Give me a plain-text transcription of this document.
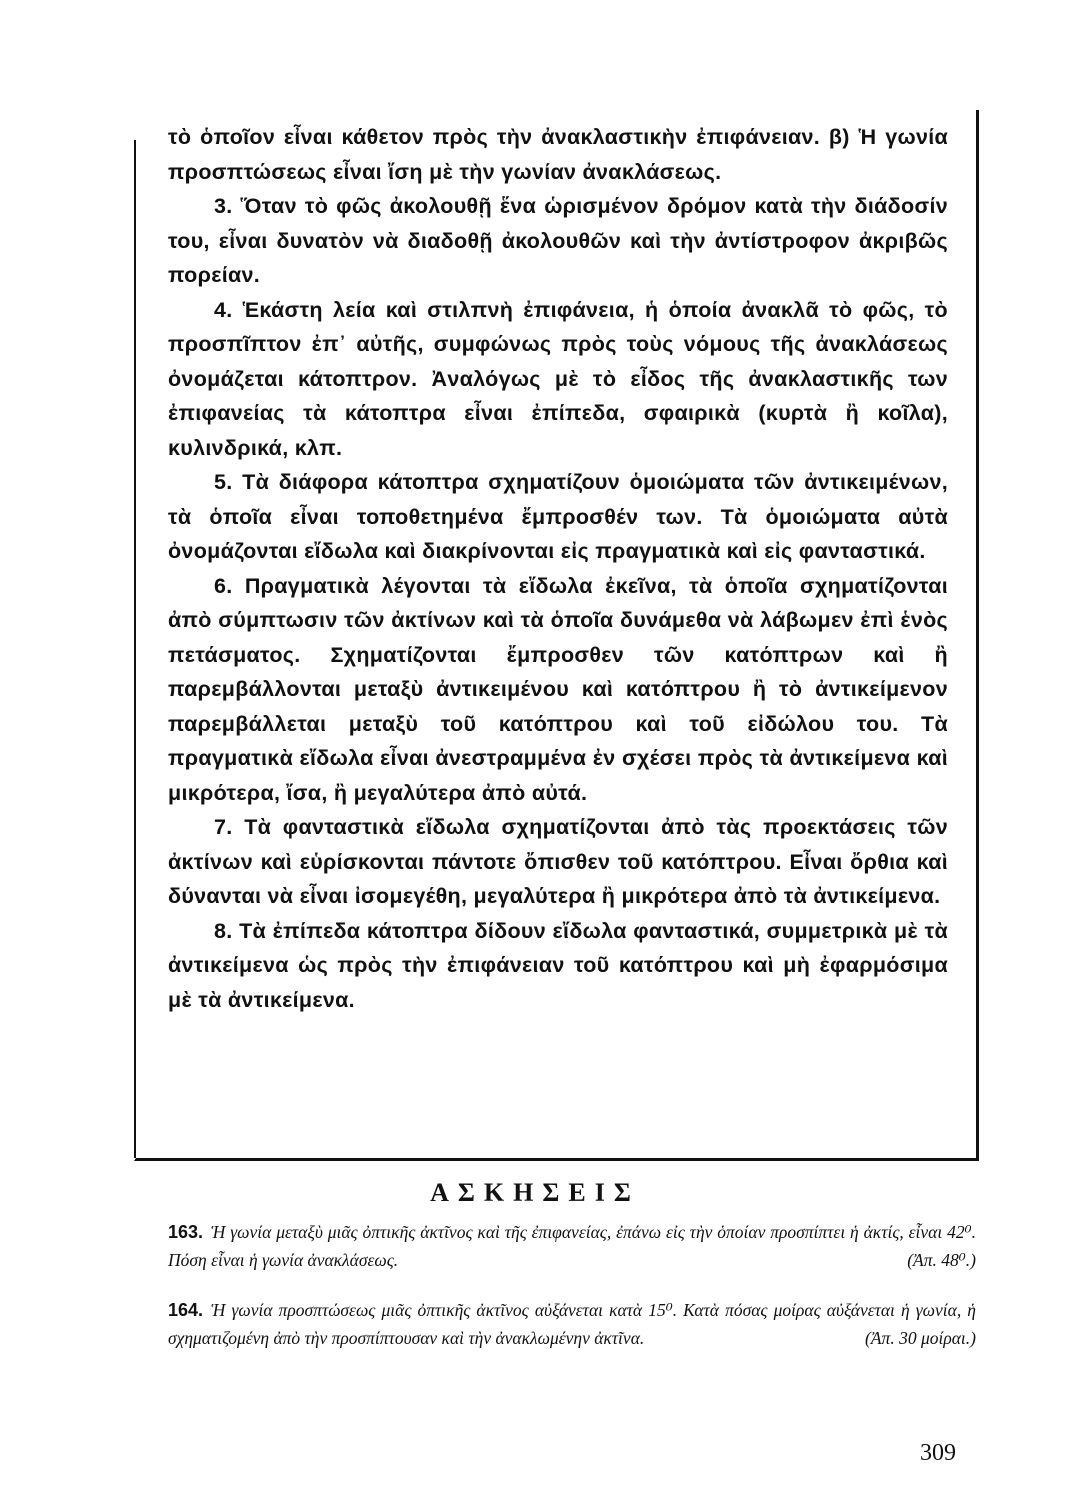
τὸ ὁποῖον εἶναι κάθετον πρὸς τὴν ἀνακλαστικὴν ἐπιφάνειαν. β) Ἡ γωνία προσπτώσεως εἶναι ἴση μὲ τὴν γωνίαν ἀνακλάσεως.

3. Ὅταν τὸ φῶς ἀκολουθῇ ἕνα ὡρισμένον δρόμον κατὰ τὴν διάδοσίν του, εἶναι δυνατὸν νὰ διαδοθῇ ἀκολουθῶν καὶ τὴν ἀντίστροφον ἀκριβῶς πορείαν.

4. Ἑκάστη λεία καὶ στιλπνὴ ἐπιφάνεια, ἡ ὁποία ἀνακλᾶ τὸ φῶς, τὸ προσπῖπτον ἐπ᾽ αὐτῆς, συμφώνως πρὸς τοὺς νόμους τῆς ἀνακλάσεως ὀνομάζεται κάτοπτρον. Ἀναλόγως μὲ τὸ εἶδος τῆς ἀνακλαστικῆς των ἐπιφανείας τὰ κάτοπτρα εἶναι ἐπίπεδα, σφαιρικὰ (κυρτὰ ἢ κοῖλα), κυλινδρικά, κλπ.

5. Τὰ διάφορα κάτοπτρα σχηματίζουν ὁμοιώματα τῶν ἀντικειμένων, τὰ ὁποῖα εἶναι τοποθετημένα ἔμπροσθέν των. Τὰ ὁμοιώματα αὐτὰ ὀνομάζονται εἴδωλα καὶ διακρίνονται εἰς πραγματικὰ καὶ εἰς φανταστικά.

6. Πραγματικὰ λέγονται τὰ εἴδωλα ἐκεῖνα, τὰ ὁποῖα σχηματίζονται ἀπὸ σύμπτωσιν τῶν ἀκτίνων καὶ τὰ ὁποῖα δυνάμεθα νὰ λάβωμεν ἐπὶ ἑνὸς πετάσματος. Σχηματίζονται ἔμπροσθεν τῶν κατόπτρων καὶ ἢ παρεμβάλλονται μεταξὺ ἀντικειμένου καὶ κατόπτρου ἢ τὸ ἀντικείμενον παρεμβάλλεται μεταξὺ τοῦ κατόπτρου καὶ τοῦ εἰδώλου του. Τὰ πραγματικὰ εἴδωλα εἶναι ἀνεστραμμένα ἐν σχέσει πρὸς τὰ ἀντικείμενα καὶ μικρότερα, ἴσα, ἢ μεγαλύτερα ἀπὸ αὐτά.

7. Τὰ φανταστικὰ εἴδωλα σχηματίζονται ἀπὸ τὰς προεκτάσεις τῶν ἀκτίνων καὶ εὑρίσκονται πάντοτε ὄπισθεν τοῦ κατόπτρου. Εἶναι ὄρθια καὶ δύνανται νὰ εἶναι ἰσομεγέθη, μεγαλύτερα ἢ μικρότερα ἀπὸ τὰ ἀντικείμενα.

8. Τὰ ἐπίπεδα κάτοπτρα δίδουν εἴδωλα φανταστικά, συμμετρικὰ μὲ τὰ ἀντικείμενα ὡς πρὸς τὴν ἐπιφάνειαν τοῦ κατόπτρου καὶ μὴ ἐφαρμόσιμα μὲ τὰ ἀντικείμενα.

ΑΣΚΗΣΕΙΣ
163. Ἡ γωνία μεταξὺ μιᾶς ὀπτικῆς ἀκτῖνος καὶ τῆς ἐπιφανείας, ἐπάνω εἰς τὴν ὁποίαν προσπίπτει ἡ ἀκτίς, εἶναι 42⁰. Πόση εἶναι ἡ γωνία ἀνακλάσεως.	(Ἀπ. 48⁰.)
164. Ἡ γωνία προσπτώσεως μιᾶς ὀπτικῆς ἀκτῖνος αὐξάνεται κατὰ 15⁰. Κατὰ πόσας μοίρας αὐξάνεται ἡ γωνία, ἡ σχηματιζομένη ἀπὸ τὴν προσπίπτουσαν καὶ τὴν ἀνακλωμένην ἀκτῖνα.	(Ἀπ. 30 μοίραι.)
309
